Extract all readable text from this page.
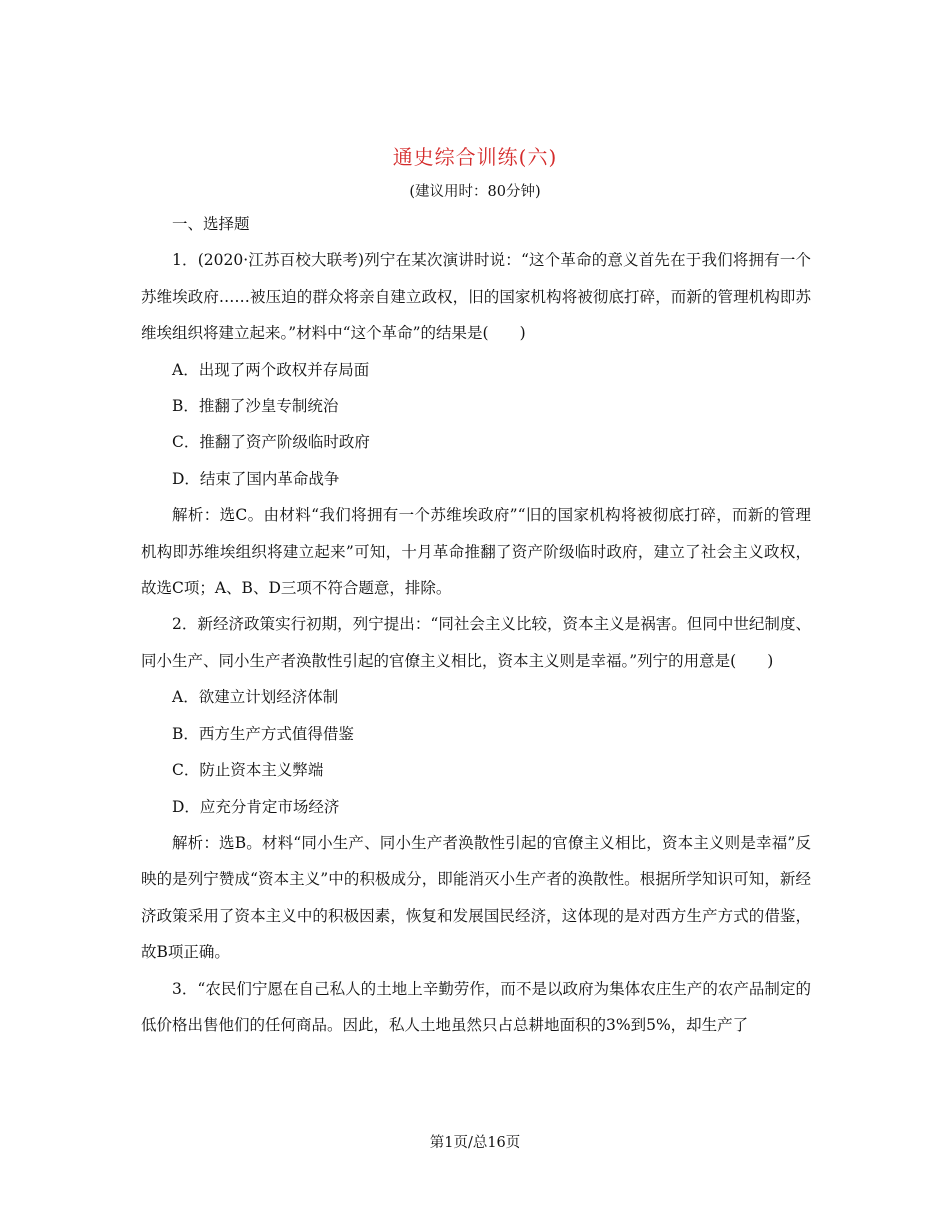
通史综合训练(六)
(建议用时：80分钟)

一、选择题

1．(2020·江苏百校大联考)列宁在某次演讲时说：“这个革命的意义首先在于我们将拥有一个苏维埃政府……被压迫的群众将亲自建立政权，旧的国家机构将被彻底打碎，而新的管理机构即苏维埃组织将建立起来。”材料中“这个革命”的结果是(　　)

A．出现了两个政权并存局面

B．推翻了沙皇专制统治

C．推翻了资产阶级临时政府

D．结束了国内革命战争

解析：选C。由材料“我们将拥有一个苏维埃政府”“旧的国家机构将被彻底打碎，而新的管理机构即苏维埃组织将建立起来”可知，十月革命推翻了资产阶级临时政府，建立了社会主义政权，故选C项；A、B、D三项不符合题意，排除。

2．新经济政策实行初期，列宁提出：“同社会主义比较，资本主义是祸害。但同中世纪制度、同小生产、同小生产者涣散性引起的官僚主义相比，资本主义则是幸福。”列宁的用意是(　　)

A．欲建立计划经济体制

B．西方生产方式值得借鉴

C．防止资本主义弊端

D．应充分肯定市场经济

解析：选B。材料“同小生产、同小生产者涣散性引起的官僚主义相比，资本主义则是幸福”反映的是列宁赞成“资本主义”中的积极成分，即能消灭小生产者的涣散性。根据所学知识可知，新经济政策采用了资本主义中的积极因素，恢复和发展国民经济，这体现的是对西方生产方式的借鉴，故B项正确。

3．“农民们宁愿在自己私人的土地上辛勤劳作，而不是以政府为集体农庄生产的农产品制定的低价格出售他们的任何商品。因此，私人土地虽然只占总耕地面积的3%到5%，却生产了

第1页/总16页
